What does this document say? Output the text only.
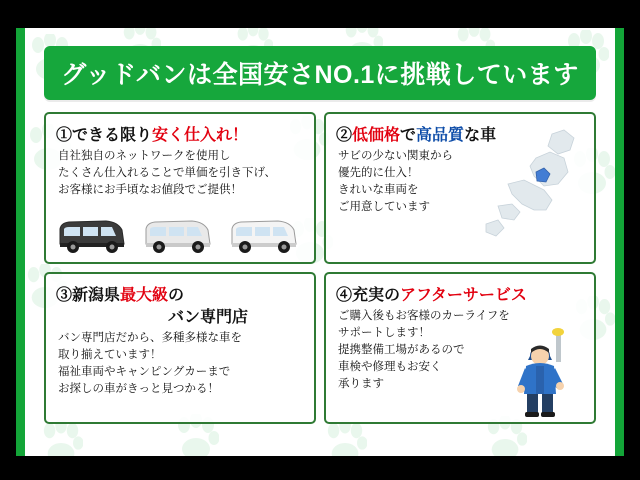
グッドバンは全国安さNO.1に挑戦しています
①できる限り安く仕入れ！
自社独自のネットワークを使用し
たくさん仕入れることで単価を引き下げ、
お客様にお手頃なお値段でご提供！
②低価格で高品質な車
サビの少ない関東から
優先的に仕入！
きれいな車両を
ご用意しています
③新潟県最大級の
バン専門店
バン専門店だから、多種多様な車を
取り揃えています！
福祉車両やキャンピングカーまで
お探しの車がきっと見つかる！
④充実のアフターサービス
ご購入後もお客様のカーライフを
サポートします！
提携整備工場があるので
車検や修理もお安く
承ります
